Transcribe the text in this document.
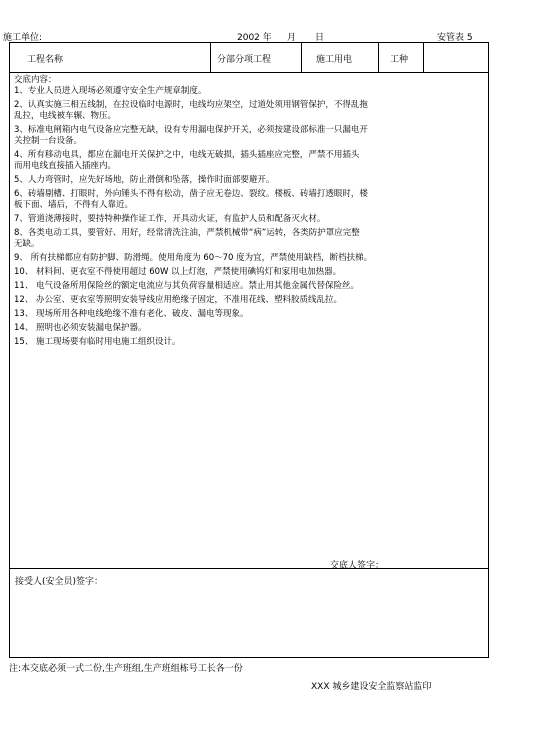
施工单位:	2002 年 月 日	安管表 5
工程名称	分部分项工程	施工用电	工种
交底内容：
1、专业人员进入现场必须遵守安全生产规章制度。
2、认真实施三相五线制，在拉设临时电源时，电线均应架空，过道处须用钢管保护，不得乱拖
乱拉，电线被车辗、物压。
3、标准电闸箱内电气设备应完整无缺，设有专用漏电保护开关，必须按建设部标准一只漏电开
关控制一台设备。
4、所有移动电具，都应在漏电开关保护之中，电线无破损，插头插座应完整，严禁不用插头
而用电线直接插入插座内。
5、人力弯管时，应先好场地，防止滑倒和坠落，操作时面部要避开。
6、砖墙剔槽、打眼时，外向锤头不得有松动，凿子应无卷边、裂纹。楼板、砖墙打透眼时，楼
板下面、墙后，不得有人靠近。
7、管道浇薄接时，要持特种操作证工作，开具动火证，有监护人员和配备灭火材。
8、各类电动工具，要管好、用好，经常清洗注油，严禁机械带“病”运转，各类防护罩应完整
无缺。
9、 所有扶梯都应有防护脚、防滑绳。使用角度为 60～70 度为宜，严禁使用缺档，断档扶梯。
10、 材料间、更衣室不得使用超过 60W 以上灯泡，严禁使用碘钨灯和家用电加热器。
11、 电气设备所用保险丝的额定电流应与其负荷容量相适应。禁止用其他金属代替保险丝。
12、 办公室、更衣室等照明安装导线应用绝缘子固定，不准用花线、塑料胶质线乱拉。
13、 现场所用各种电线绝缘不准有老化、破皮、漏电等现象。
14、 照明也必须安装漏电保护器。
15、 施工现场要有临时用电施工组织设计。
交底人签字：
接受人(安全员)签字：
注:本交底必须一式二份,生产班组,生产班组栋号工长各一份
XXX 城乡建设安全监察站监印
